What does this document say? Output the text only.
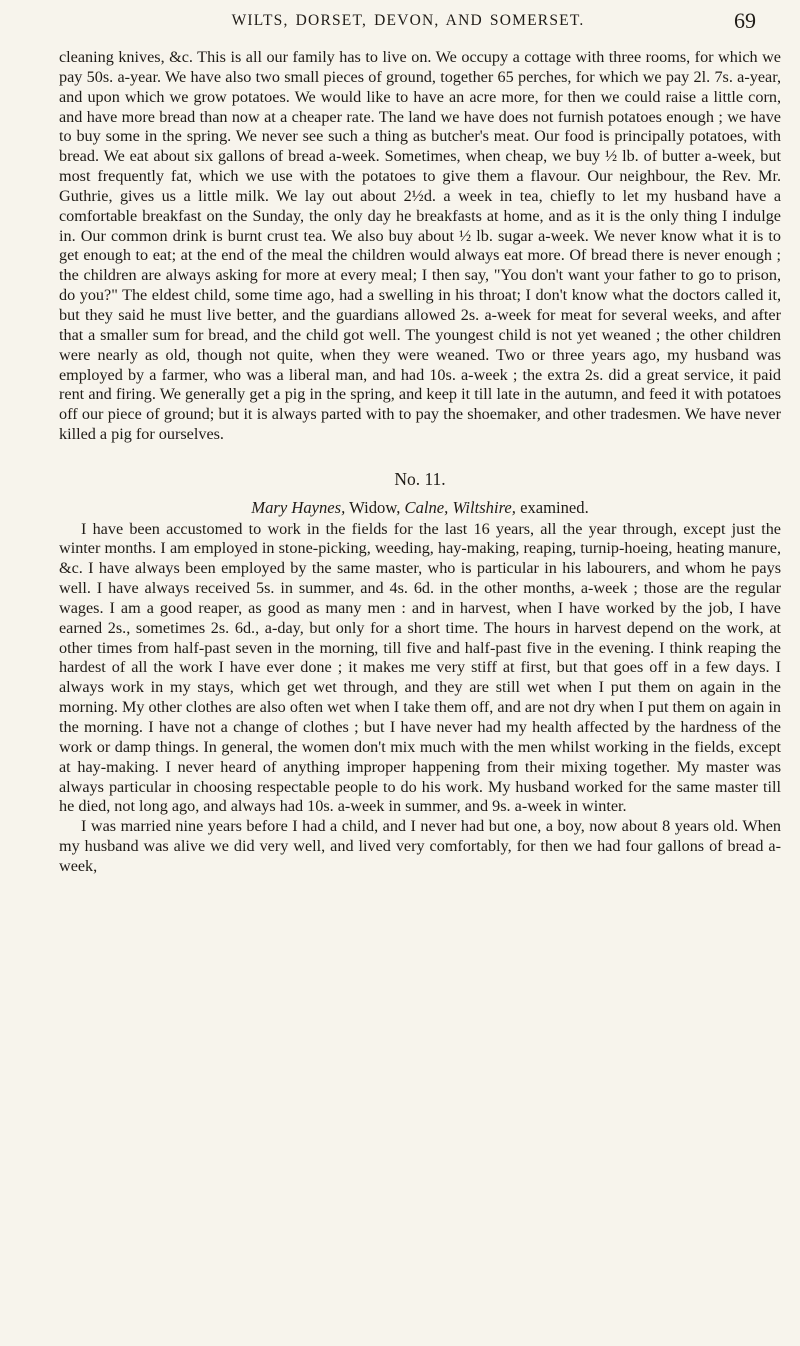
WILTS, DORSET, DEVON, AND SOMERSET.	69

cleaning knives, &c. This is all our family has to live on. We occupy a cottage with three rooms, for which we pay 50s. a-year. We have also two small pieces of ground, together 65 perches, for which we pay 2l. 7s. a-year, and upon which we grow potatoes. We would like to have an acre more, for then we could raise a little corn, and have more bread than now at a cheaper rate. The land we have does not furnish potatoes enough ; we have to buy some in the spring. We never see such a thing as butcher's meat. Our food is principally potatoes, with bread. We eat about six gallons of bread a-week. Sometimes, when cheap, we buy ½ lb. of butter a-week, but most frequently fat, which we use with the potatoes to give them a flavour. Our neighbour, the Rev. Mr. Guthrie, gives us a little milk. We lay out about 2½d. a week in tea, chiefly to let my husband have a comfortable breakfast on the Sunday, the only day he breakfasts at home, and as it is the only thing I indulge in. Our common drink is burnt crust tea. We also buy about ½ lb. sugar a-week. We never know what it is to get enough to eat; at the end of the meal the children would always eat more. Of bread there is never enough ; the children are always asking for more at every meal; I then say, "You don't want your father to go to prison, do you?" The eldest child, some time ago, had a swelling in his throat; I don't know what the doctors called it, but they said he must live better, and the guardians allowed 2s. a-week for meat for several weeks, and after that a smaller sum for bread, and the child got well. The youngest child is not yet weaned ; the other children were nearly as old, though not quite, when they were weaned. Two or three years ago, my husband was employed by a farmer, who was a liberal man, and had 10s. a-week ; the extra 2s. did a great service, it paid rent and firing. We generally get a pig in the spring, and keep it till late in the autumn, and feed it with potatoes off our piece of ground; but it is always parted with to pay the shoemaker, and other tradesmen. We have never killed a pig for ourselves.

No. 11.

Mary Haynes, Widow, Calne, Wiltshire, examined.

I have been accustomed to work in the fields for the last 16 years, all the year through, except just the winter months. I am employed in stone-picking, weeding, hay-making, reaping, turnip-hoeing, heating manure, &c. I have always been employed by the same master, who is particular in his labourers, and whom he pays well. I have always received 5s. in summer, and 4s. 6d. in the other months, a-week ; those are the regular wages. I am a good reaper, as good as many men : and in harvest, when I have worked by the job, I have earned 2s., sometimes 2s. 6d., a-day, but only for a short time. The hours in harvest depend on the work, at other times from half-past seven in the morning, till five and half-past five in the evening. I think reaping the hardest of all the work I have ever done ; it makes me very stiff at first, but that goes off in a few days. I always work in my stays, which get wet through, and they are still wet when I put them on again in the morning. My other clothes are also often wet when I take them off, and are not dry when I put them on again in the morning. I have not a change of clothes ; but I have never had my health affected by the hardness of the work or damp things. In general, the women don't mix much with the men whilst working in the fields, except at hay-making. I never heard of anything improper happening from their mixing together. My master was always particular in choosing respectable people to do his work. My husband worked for the same master till he died, not long ago, and always had 10s. a-week in summer, and 9s. a-week in winter.

I was married nine years before I had a child, and I never had but one, a boy, now about 8 years old. When my husband was alive we did very well, and lived very comfortably, for then we had four gallons of bread a-week,
